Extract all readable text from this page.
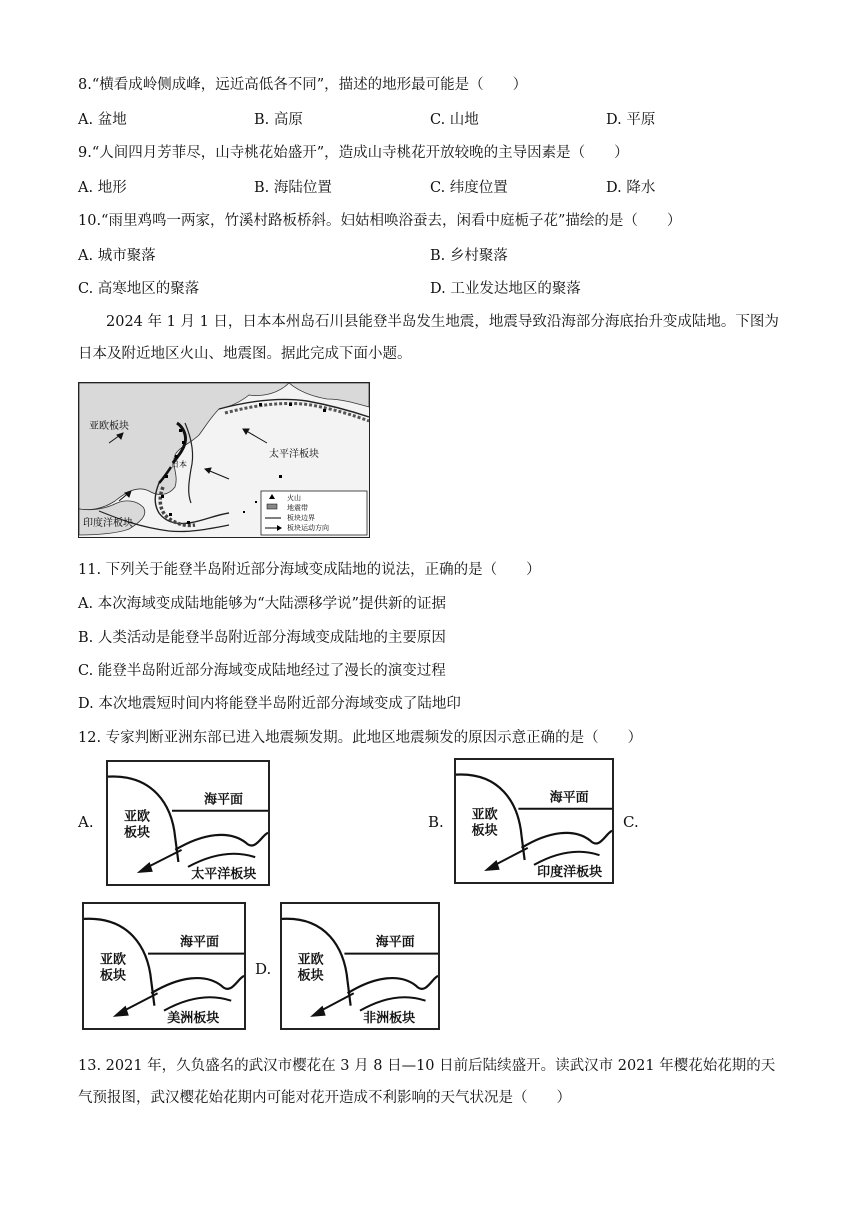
8.“横看成岭侧成峰，远近高低各不同”，描述的地形最可能是（　　）
A. 盆地	B. 高原	C. 山地	D. 平原
9.“人间四月芳菲尽，山寺桃花始盛开”，造成山寺桃花开放较晚的主导因素是（　　）
A. 地形	B. 海陆位置	C. 纬度位置	D. 降水
10.“雨里鸡鸣一两家，竹溪村路板桥斜。妇姑相唤浴蚕去，闲看中庭栀子花”描绘的是（　　）
A. 城市聚落	B. 乡村聚落
C. 高寒地区的聚落	D. 工业发达地区的聚落
2024 年 1 月 1 日，日本本州岛石川县能登半岛发生地震，地震导致沿海部分海底抬升变成陆地。下图为日本及附近地区火山、地震图。据此完成下面小题。
亚欧板块
日本
太平洋板块
印度洋板块
火山
地震带
板块边界
板块运动方向
11. 下列关于能登半岛附近部分海域变成陆地的说法，正确的是（　　）
A. 本次海域变成陆地能够为“大陆漂移学说”提供新的证据
B. 人类活动是能登半岛附近部分海域变成陆地的主要原因
C. 能登半岛附近部分海域变成陆地经过了漫长的演变过程
D. 本次地震短时间内将能登半岛附近部分海域变成了陆地印
12. 专家判断亚洲东部已进入地震频发期。此地区地震频发的原因示意正确的是（　　）
A. 亚欧
板块
海平面
太平洋板块
B. 亚欧
板块
海平面
印度洋板块
C.
亚欧
板块
海平面
美洲板块
D. 亚欧
板块
海平面
非洲板块
13. 2021 年，久负盛名的武汉市樱花在 3 月 8 日—10 日前后陆续盛开。读武汉市 2021 年樱花始花期的天气预报图，武汉樱花始花期内可能对花开造成不利影响的天气状况是（　　）
